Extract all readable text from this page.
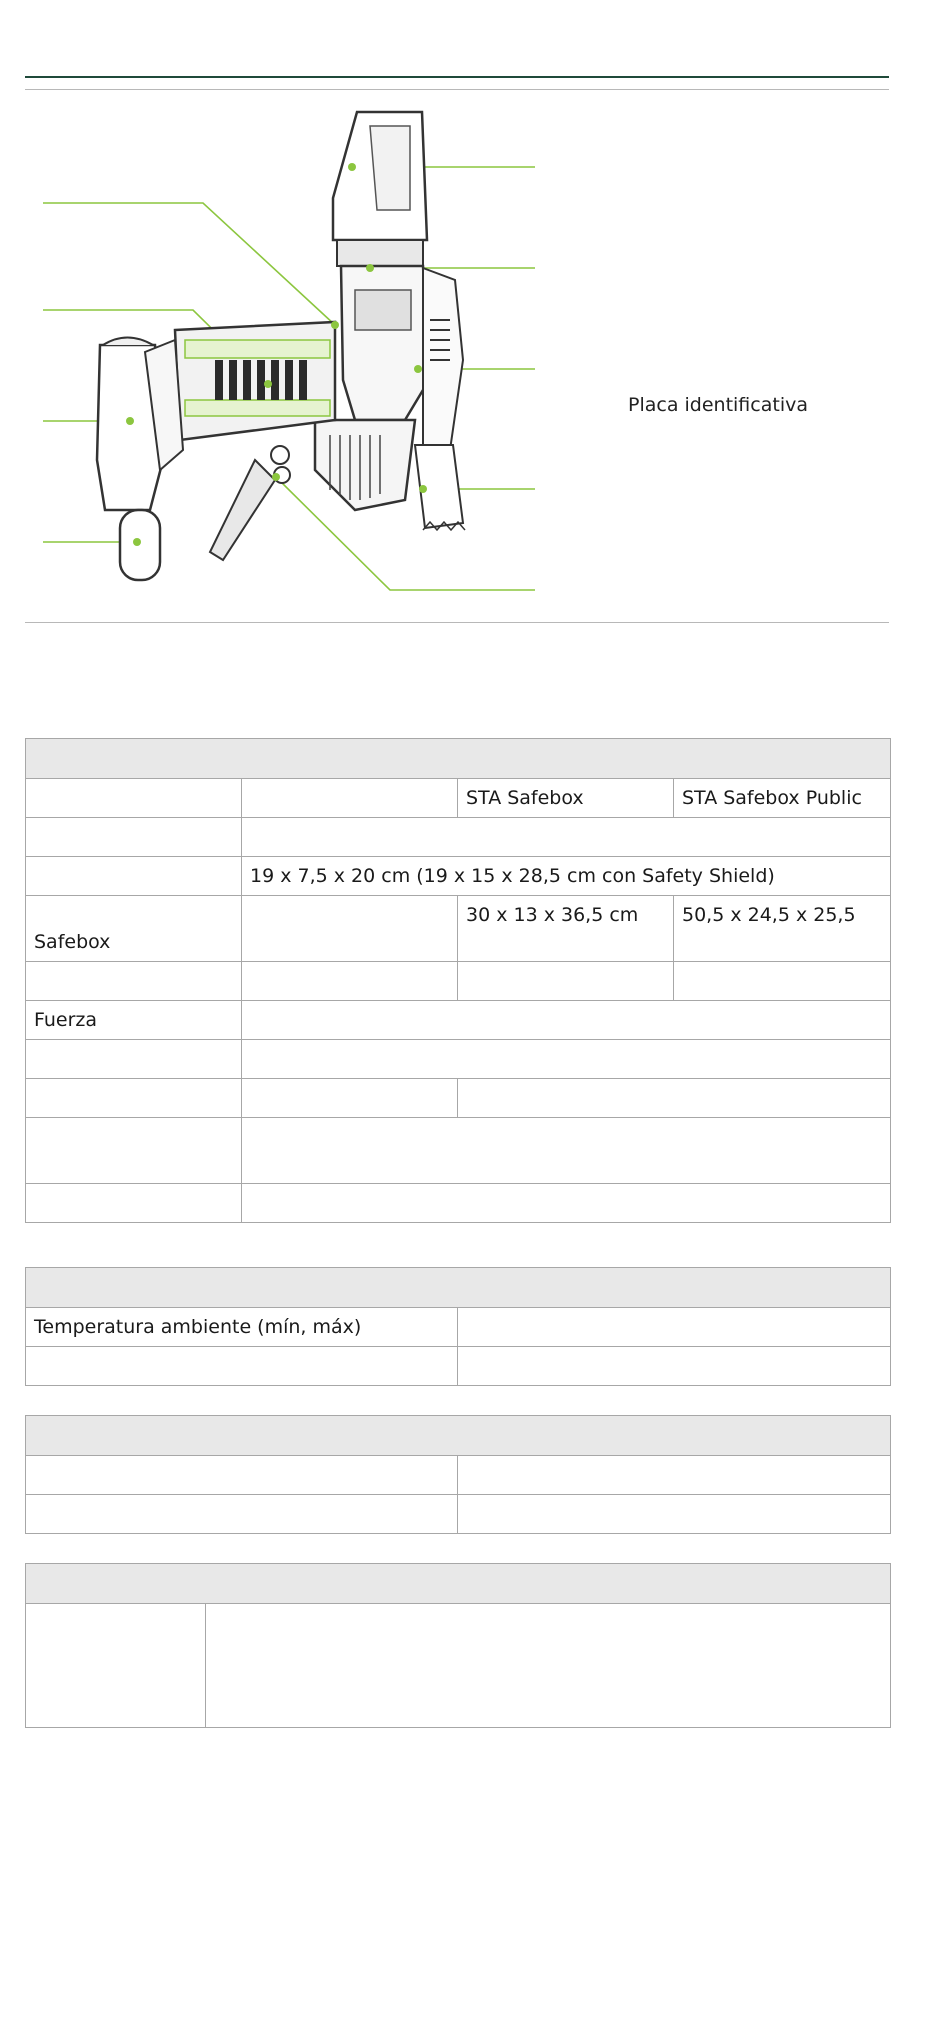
Placa identificativa

		STA Safebox	STA Safebox Public

	19 x 7,5 x 20 cm (19 x 15 x 28,5 cm con Safety Shield)		
Safebox		30 x 13 x 36,5 cm	50,5 x 24,5 x 25,5

Fuerza			

Temperatura ambiente (mín, máx)	
